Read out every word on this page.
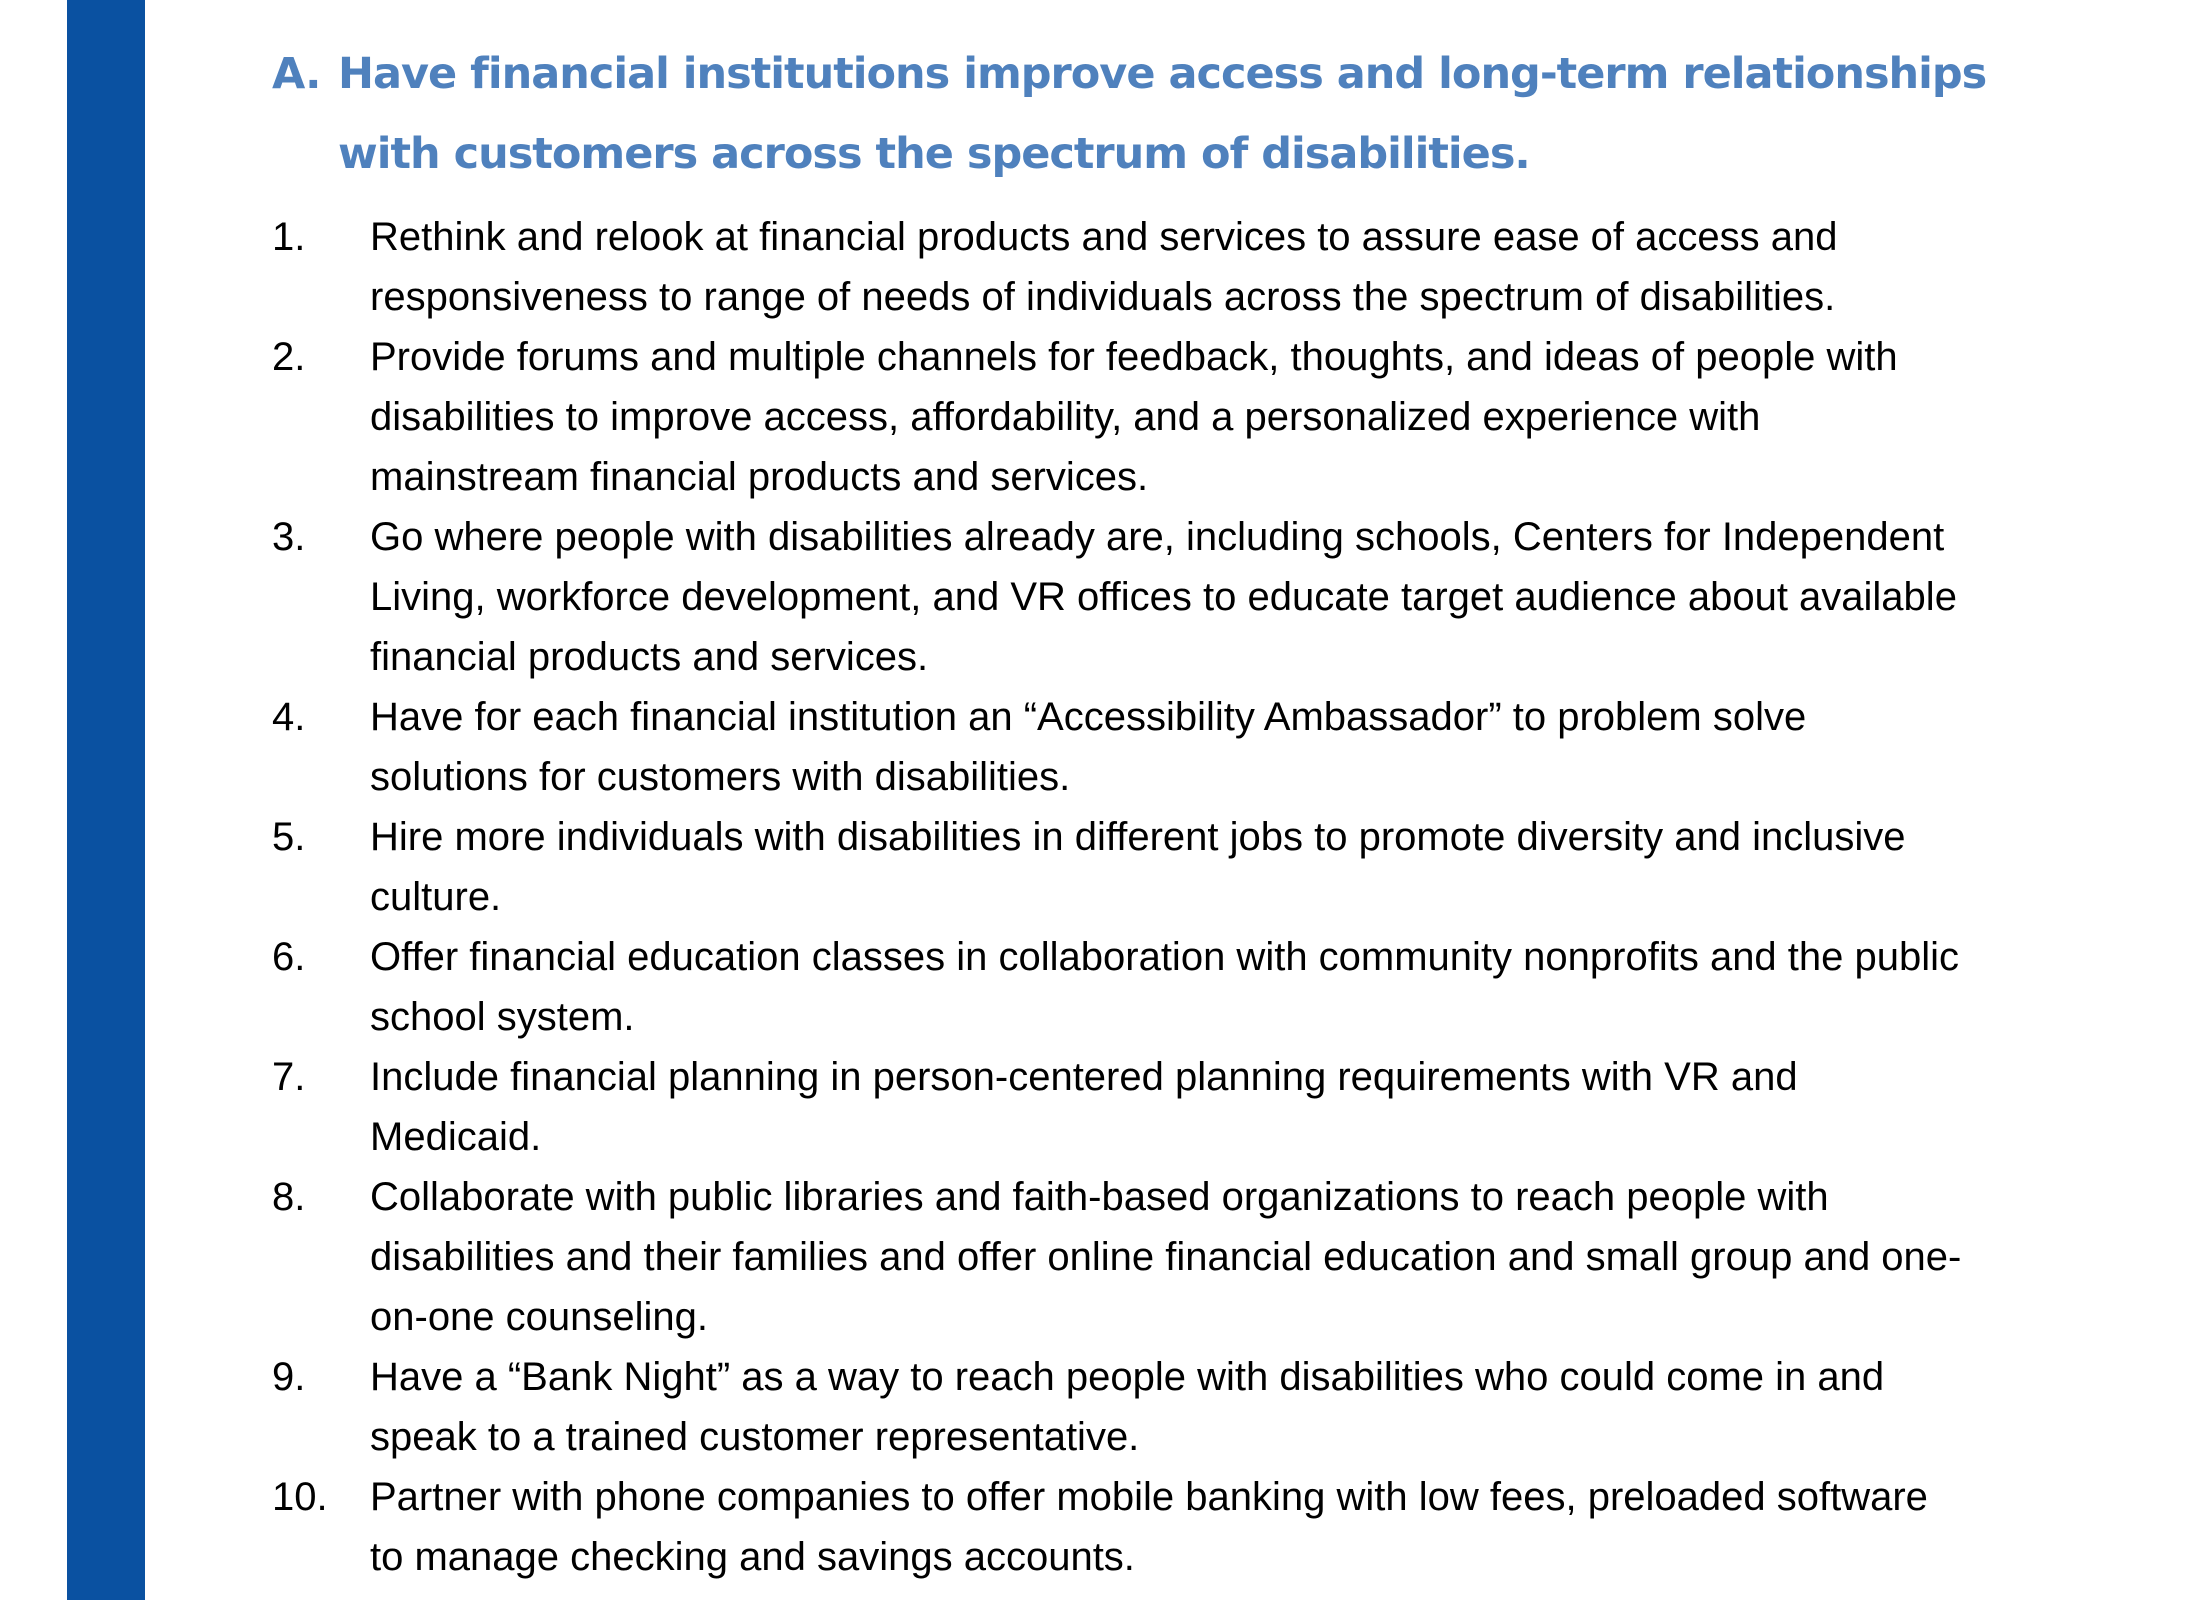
A. Have financial institutions improve access and long-term relationships with customers across the spectrum of disabilities.
1.	Rethink and relook at financial products and services to assure ease of access and responsiveness to range of needs of individuals across the spectrum of disabilities.
2.	Provide forums and multiple channels for feedback, thoughts, and ideas of people with disabilities to improve access, affordability, and a personalized experience with mainstream financial products and services.
3.	Go where people with disabilities already are, including schools, Centers for Independent Living, workforce development, and VR offices to educate target audience about available financial products and services.
4.	Have for each financial institution an “Accessibility Ambassador” to problem solve solutions for customers with disabilities.
5.	Hire more individuals with disabilities in different jobs to promote diversity and inclusive culture.
6.	Offer financial education classes in collaboration with community nonprofits and the public school system.
7.	Include financial planning in person-centered planning requirements with VR and Medicaid.
8.	Collaborate with public libraries and faith-based organizations to reach people with disabilities and their families and offer online financial education and small group and one-on-one counseling.
9.	Have a “Bank Night” as a way to reach people with disabilities who could come in and speak to a trained customer representative.
10.	Partner with phone companies to offer mobile banking with low fees, preloaded software to manage checking and savings accounts.
